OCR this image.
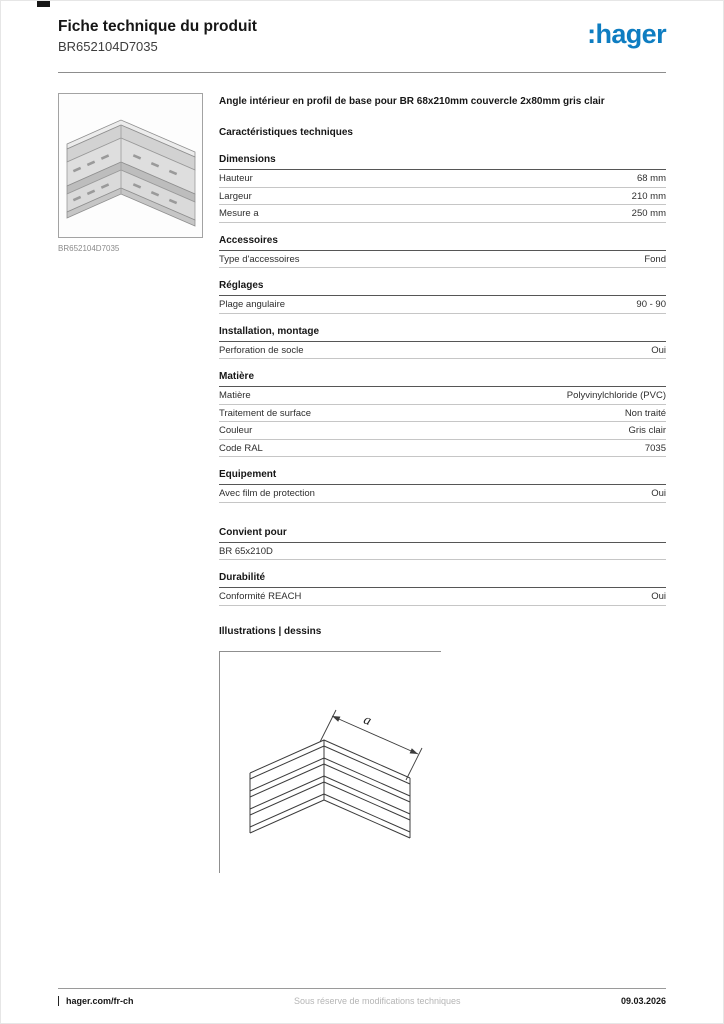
Fiche technique du produit
BR652104D7035	:hager
BR652104D7035

Angle intérieur en profil de base pour BR 68x210mm couvercle 2x80mm gris clair

Caractéristiques techniques
Dimensions
Hauteur	68 mm
Largeur	210 mm
Mesure a	250 mm
Accessoires
Type d'accessoires	Fond
Réglages
Plage angulaire	90 - 90
Installation, montage
Perforation de socle	Oui
Matière
Matière	Polyvinylchloride (PVC)
Traitement de surface	Non traité
Couleur	Gris clair
Code RAL	7035
Equipement
Avec film de protection	Oui
Convient pour
BR 65x210D
Durabilité
Conformité REACH	Oui
Illustrations | dessins
a
hager.com/fr-ch	Sous réserve de modifications techniques	09.03.2026
